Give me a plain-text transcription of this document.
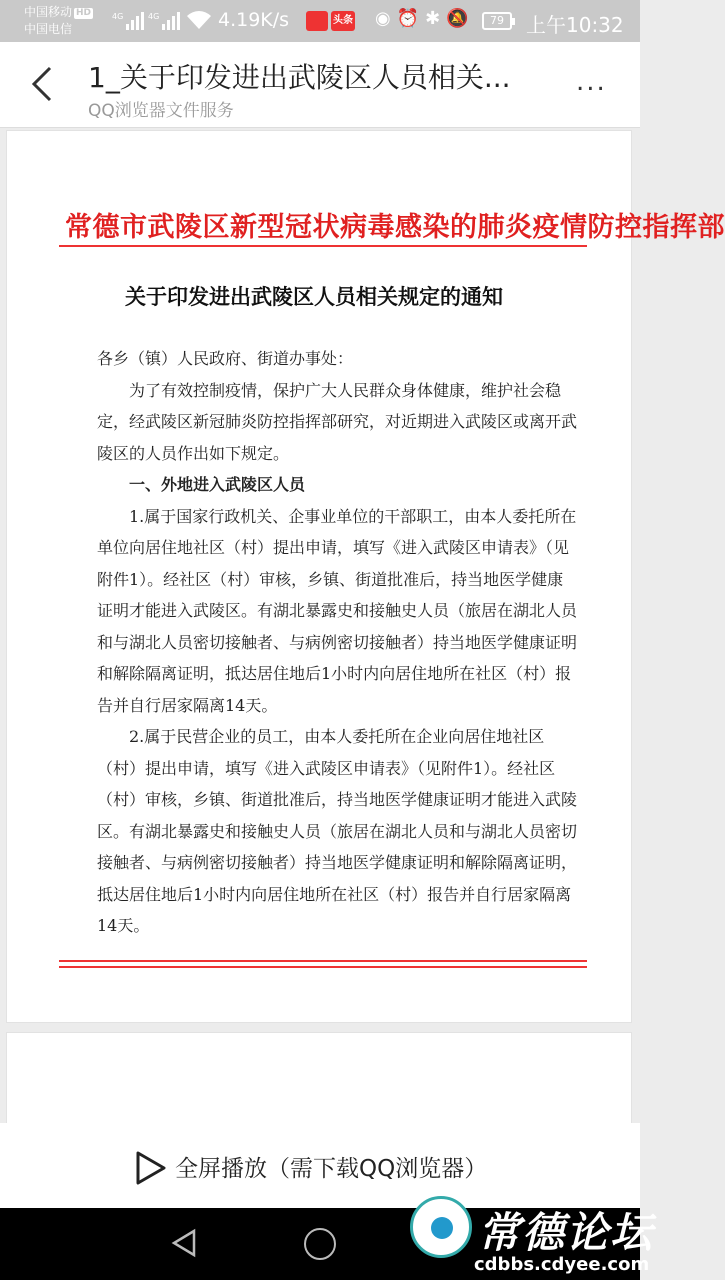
中国移动 HD
中国电信
4G	4G	4.19K/s	头条 ◉⏰✱🔕	79	上午10:32
1_关于印发进出武陵区人员相关...
QQ浏览器文件服务
...
常德市武陵区新型冠状病毒感染的肺炎疫情防控指挥部
关于印发进出武陵区人员相关规定的通知

各乡（镇）人民政府、街道办事处：

为了有效控制疫情，保护广大人民群众身体健康，维护社会稳定，经武陵区新冠肺炎防控指挥部研究，对近期进入武陵区或离开武陵区的人员作出如下规定。

一、外地进入武陵区人员

1.属于国家行政机关、企事业单位的干部职工，由本人委托所在单位向居住地社区（村）提出申请，填写《进入武陵区申请表》（见附件1）。经社区（村）审核，乡镇、街道批准后，持当地医学健康证明才能进入武陵区。有湖北暴露史和接触史人员（旅居在湖北人员和与湖北人员密切接触者、与病例密切接触者）持当地医学健康证明和解除隔离证明，抵达居住地后1小时内向居住地所在社区（村）报告并自行居家隔离14天。

2.属于民营企业的员工，由本人委托所在企业向居住地社区（村）提出申请，填写《进入武陵区申请表》（见附件1）。经社区（村）审核，乡镇、街道批准后，持当地医学健康证明才能进入武陵区。有湖北暴露史和接触史人员（旅居在湖北人员和与湖北人员密切接触者、与病例密切接触者）持当地医学健康证明和解除隔离证明，抵达居住地后1小时内向居住地所在社区（村）报告并自行居家隔离14天。

全屏播放（需下载QQ浏览器）
常德论坛
cdbbs.cdyee.com
